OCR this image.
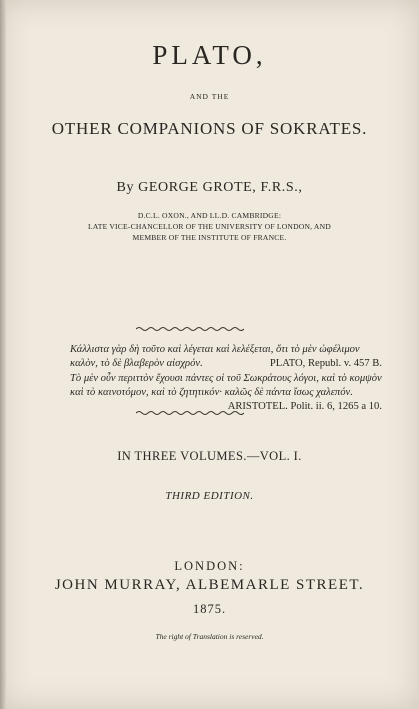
PLATO,
AND THE
OTHER COMPANIONS OF SOKRATES.
By GEORGE GROTE, F.R.S.,
D.C.L. OXON., AND LL.D. CAMBRIDGE:
LATE VICE-CHANCELLOR OF THE UNIVERSITY OF LONDON, AND
MEMBER OF THE INSTITUTE OF FRANCE.
Κάλλιστα γὰρ δὴ τοῦτο καὶ λέγεται καὶ λελέξεται, ὅτι τὸ μὲν ὠφέλιμον
καλὸν, τὸ δὲ βλαβερὸν αἰσχρόν.	PLATO, Republ. v. 457 B.
Τὸ μὲν οὖν περιττὸν ἔχουσι πάντες οἱ τοῦ Σωκράτους λόγοι, καὶ τὸ κομψὸν
καὶ τὸ καινοτόμον, καὶ τὸ ζητητικόν· καλῶς δὲ πάντα ἴσως χαλεπόν.
ARISTOTEL. Polit. ii. 6, 1265 a 10.
IN THREE VOLUMES.—VOL. I.
THIRD EDITION.
LONDON:
JOHN MURRAY, ALBEMARLE STREET.
1875.
The right of Translation is reserved.
